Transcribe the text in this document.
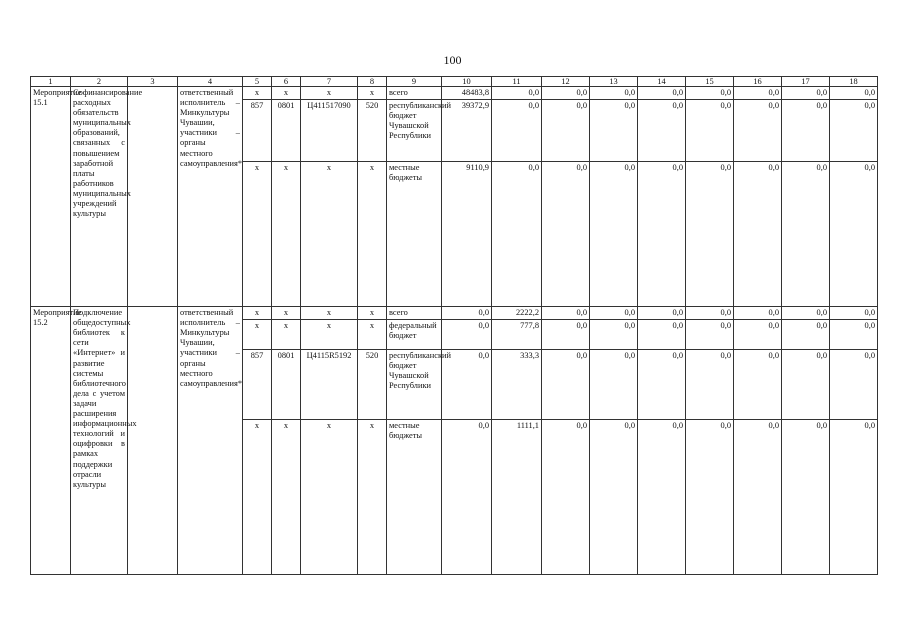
100
1	2	3	4	5	6	7	8	9	10	11	12	13	14	15	16	17	18
Мероприятие 15.1	Софинансирование расходных обязательств муниципальных образований, связанных с повышением заработной платы работников муниципальных учреждений культуры		ответственный исполнитель – Минкультуры Чувашии, участники – органы местного самоуправления*	x	x	x	x	всего	48483,8	0,0	0,0	0,0	0,0	0,0	0,0	0,0	0,0
				857	0801	Ц411517090	520	республиканский бюджет Чувашской Республики	39372,9	0,0	0,0	0,0	0,0	0,0	0,0	0,0	0,0
				x	x	x	x	местные бюджеты	9110,9	0,0	0,0	0,0	0,0	0,0	0,0	0,0	0,0
Мероприятие 15.2	Подключение общедоступных библиотек к сети «Интернет» и развитие системы библиотечного дела с учетом задачи расширения информационных технологий и оцифровки в рамках поддержки отрасли культуры		ответственный исполнитель – Минкультуры Чувашии, участники – органы местного самоуправления*	x	x	x	x	всего	0,0	2222,2	0,0	0,0	0,0	0,0	0,0	0,0	0,0
				x	x	x	x	федеральный бюджет	0,0	777,8	0,0	0,0	0,0	0,0	0,0	0,0	0,0
				857	0801	Ц4115R5192	520	республиканский бюджет Чувашской Республики	0,0	333,3	0,0	0,0	0,0	0,0	0,0	0,0	0,0
				x	x	x	x	местные бюджеты	0,0	1111,1	0,0	0,0	0,0	0,0	0,0	0,0	0,0
